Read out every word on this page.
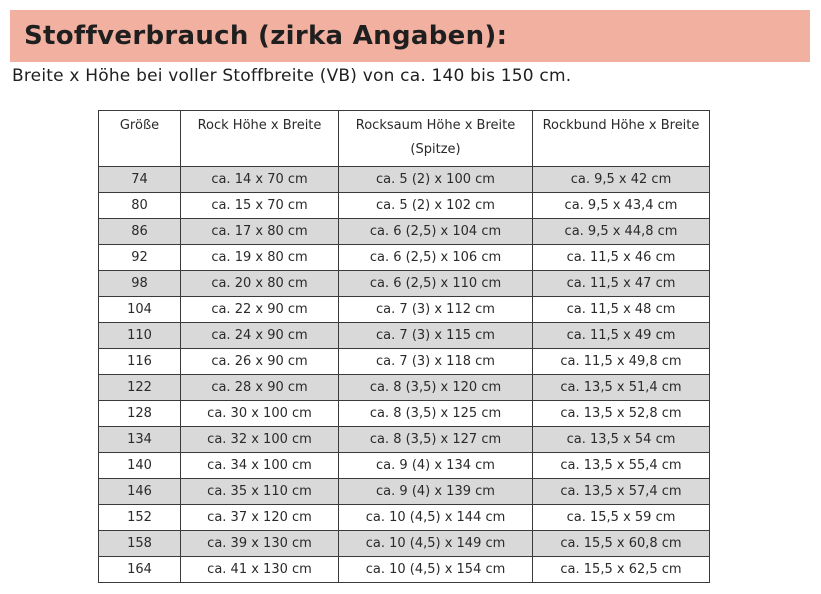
Stoffverbrauch (zirka Angaben):
Breite x Höhe bei voller Stoffbreite (VB) von ca. 140 bis 150 cm.
Größe	Rock Höhe x Breite	Rocksaum Höhe x Breite (Spitze)	Rockbund Höhe x Breite
74	ca. 14 x 70 cm	ca. 5 (2) x 100 cm	ca. 9,5 x 42 cm
80	ca. 15 x 70 cm	ca. 5 (2) x 102 cm	ca. 9,5 x 43,4 cm
86	ca. 17 x 80 cm	ca. 6 (2,5) x 104 cm	ca. 9,5 x 44,8 cm
92	ca. 19 x 80 cm	ca. 6 (2,5) x 106 cm	ca. 11,5 x 46 cm
98	ca. 20 x 80 cm	ca. 6 (2,5) x 110 cm	ca. 11,5 x 47 cm
104	ca. 22 x 90 cm	ca. 7 (3) x 112 cm	ca. 11,5 x 48 cm
110	ca. 24 x 90 cm	ca. 7 (3) x 115 cm	ca. 11,5 x 49 cm
116	ca. 26 x 90 cm	ca. 7 (3) x 118 cm	ca. 11,5 x 49,8 cm
122	ca. 28 x 90 cm	ca. 8 (3,5) x 120 cm	ca. 13,5 x 51,4 cm
128	ca. 30 x 100 cm	ca. 8 (3,5) x 125 cm	ca. 13,5 x 52,8 cm
134	ca. 32 x 100 cm	ca. 8 (3,5) x 127 cm	ca. 13,5 x 54 cm
140	ca. 34 x 100 cm	ca. 9 (4) x 134 cm	ca. 13,5 x 55,4 cm
146	ca. 35 x 110 cm	ca. 9 (4) x 139 cm	ca. 13,5 x 57,4 cm
152	ca. 37 x 120 cm	ca. 10 (4,5) x 144 cm	ca. 15,5 x 59 cm
158	ca. 39 x 130 cm	ca. 10 (4,5) x 149 cm	ca. 15,5 x 60,8 cm
164	ca. 41 x 130 cm	ca. 10 (4,5) x 154 cm	ca. 15,5 x 62,5 cm
